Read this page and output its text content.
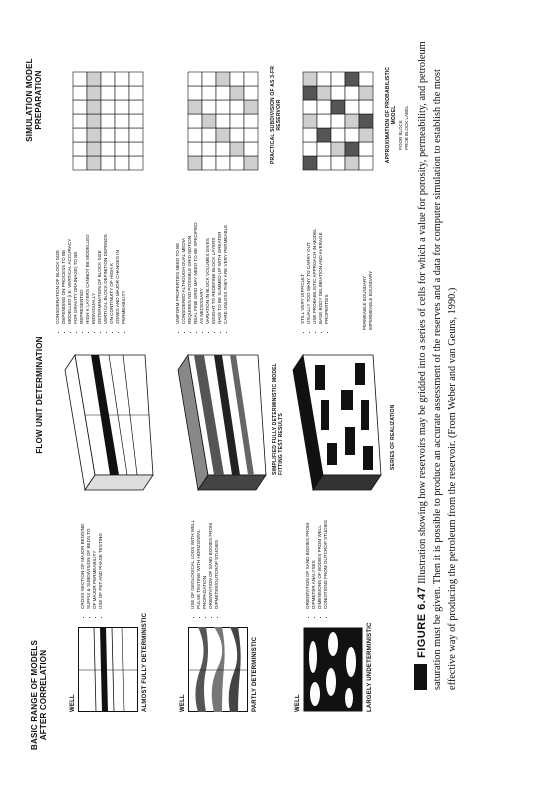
BASIC RANGE OF MODELS AFTER CORRELATION
FLOW UNIT DETERMINATION
SIMULATION MODEL PREPARATION
WELL	ALMOST FULLY DETERMINISTIC
• CROSS-SECTION OF MAJOR BEDDING • SUFFIX & SUBDIVISION OF BEDS TO • OF MAJOR PERMEABILITY • USE OF PET AND PHASE TESTING
• CONSIDERATION OF BLOCK SIZE • DEPENDING ON PROCESS TO BE • MODELLED (I.E. VERTICAL ACCURACY • FOR GRAVITY DRAINAGE) TO BE • REPRESENTED • HIGH K LAYERS CANNOT BE MODELLED • INDIVIDUALLY • DETERMINATION OF BLOCK SIZE • VERTICAL BLOCK DEFINITION DEPENDS • ON CONTINUITY OF HIGH K • ZONES AND MAJOR CHANGES IN • PERMEABILITY
WELL	PARTLY DETERMINISTIC
• USE OF GEOLOGICAL LOGS WITH WELL • PULSE TESTING WITH HORIZONTAL • PROPAGATION • ORIENTATION OF SAND BODIES FROM • DIPMETER/OUTCROP STUDIES
SIMPLIFIED FULLY DETERMINISTIC MODEL FITTING TEST RESULTS
• UNIFORM PROPERTIES NEED TO BE • CONSIDERED ALTHOUGH DUAL MEDIA • REQUIRES NO POSSIBLE GRID NOTION • REAL FINE GRID MAY NEED TO BE SPECIFIED • AS NECESSARY • VARIATION IN BLOCK VOLUMES GIVES • INSIGHT TO REDEFINE BLOCK LAYERS • HAVE TO BE SUMMED UP WITH GREATER • CARE UNLESS THEY ARE VERY PERMEABLE
PRACTICAL SUBDIVISION OF AS 3-FR RESERVOIR
WELL	LARGELY UNDETERMINISTIC
• ORIENTATION OF SAND BODIES FROM • DIPMETER ANALYSES • DIMENSIONS OF BODIES FROM WELL • CONDITIONS FROM OUTCROP STUDIES
SERIES OF REALIZATION
• STILL VERY DIFFICULT • USUALLY TOO MANY TO CARRY OUT • USE PROBABILISTIC APPROACH IN MODEL • BASE BODY DELINEATION AND AVERAGE • PROPERTIES	PERMEABLE BOUNDARY IMPERMEABLE BOUNDARY
APPROXIMATION OF PROBABILISTIC MODEL
POOR BLOCK PROB BLOCK LABEL
FIGURE 6.47 Illustration showing how reservoirs may be gridded into a series of cells for which a value for porosity, permeability, and petroleum saturation must be given. Then it is possible to produce an accurate assessment of the reserves and a data for computer simulation to establish the most effective way of producing the petroleum from the reservoir. (From Weber and van Geuns, 1990.)
